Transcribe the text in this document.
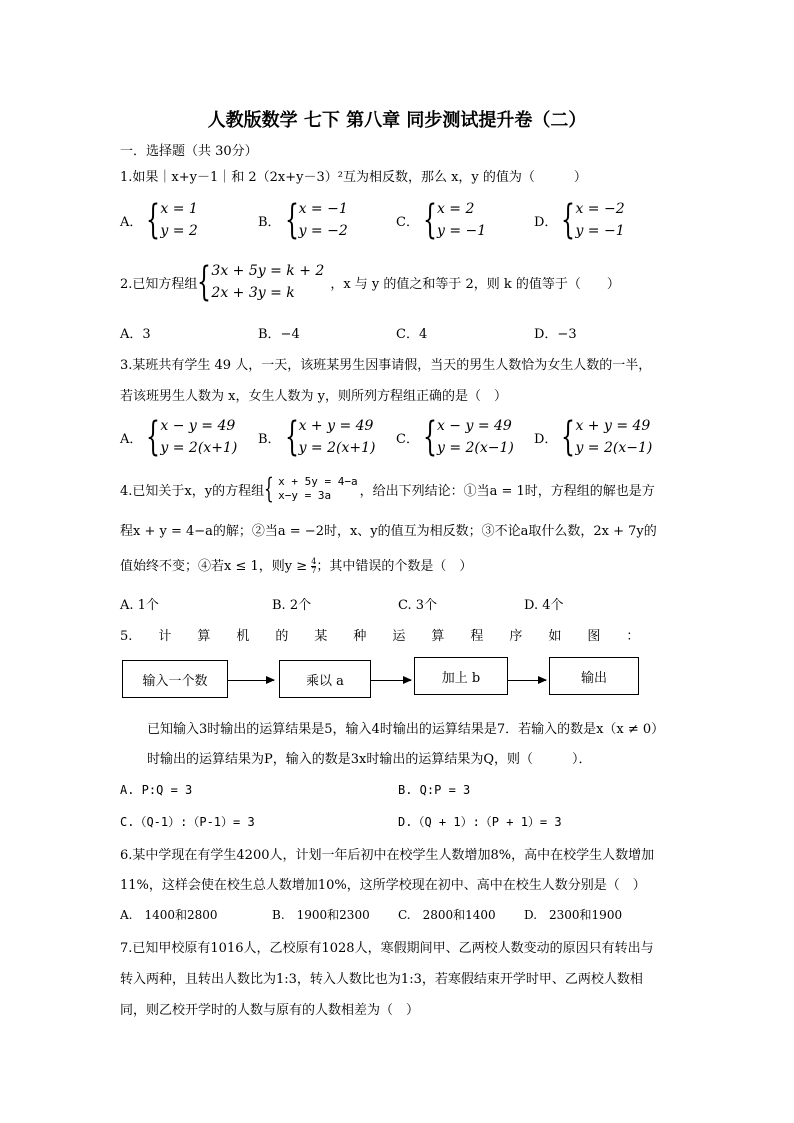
人教版数学 七下 第八章 同步测试提升卷（二）
一．选择题（共 30分）
1.如果｜x+y－1｜和 2（2x+y－3）²互为相反数，那么 x，y 的值为（　　　）
A． { x = 1
y = 2
B． { x = −1
y = −2
C． { x = 2
y = −1
D． { x = −2
y = −1
2.已知方程组 { 3x + 5y = k + 2
2x + 3y = k
，x 与 y 的值之和等于 2，则 k 的值等于（　　）
A．3	B．−4	C．4	D．−3
3.某班共有学生 49 人，一天，该班某男生因事请假，当天的男生人数恰为女生人数的一半，
若该班男生人数为 x，女生人数为 y，则所列方程组正确的是（　）
A． { x − y = 49
y = 2(x+1)
B． { x + y = 49
y = 2(x+1)
C． { x − y = 49
y = 2(x−1)
D． { x + y = 49
y = 2(x−1)
4.已知关于x，y的方程组 { x + 5y = 4−a
x−y = 3a	，给出下列结论：①当a = 1时，方程组的解也是方
程x + y = 4−a的解；②当a = −2时，x、y的值互为相反数；③不论a取什么数，2x + 7y的
值始终不变；④若x ≤ 1，则$y \ge \frac{4}{7}$ ；其中错误的个数是（　）
A. 1个	B. 2个	C. 3个	D. 4个
5.　　计　　算　　机　　的　　某　　种　　运　　算　　程　　序　　如　　图　　：
输入一个数	乘以 a	加上 b	输出
已知输入3时输出的运算结果是5，输入4时输出的运算结果是7．若输入的数是x（x ≠ 0）
时输出的运算结果为P，输入的数是3x时输出的运算结果为Q，则（　　　）．
A. P:Q = 3	B. Q:P = 3
C.（Q-1）:（P-1）= 3	D.（Q + 1）:（P + 1）= 3
6.某中学现在有学生4200人，计划一年后初中在校学生人数增加8%，高中在校学生人数增加
11%，这样会使在校生总人数增加10%，这所学校现在初中、高中在校生人数分别是（　）
A.　1400和2800	B.　1900和2300 C.　2800和1400 D.　2300和1900
7.已知甲校原有1016人，乙校原有1028人，寒假期间甲、乙两校人数变动的原因只有转出与
转入两种，且转出人数比为1:3，转入人数比也为1:3，若寒假结束开学时甲、乙两校人数相
同，则乙校开学时的人数与原有的人数相差为（　）
